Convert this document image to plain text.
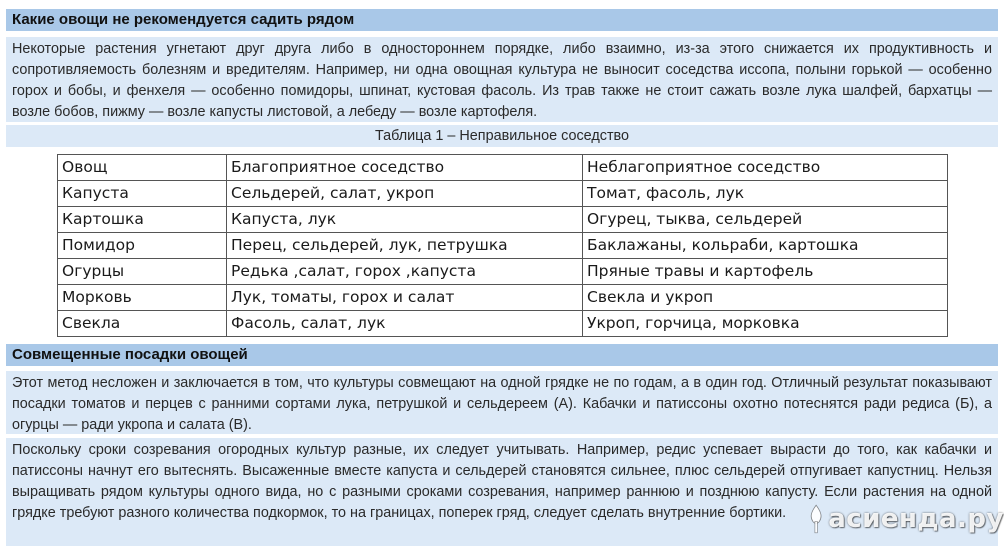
Какие овощи не рекомендуется садить рядом
Некоторые растения угнетают друг друга либо в одностороннем порядке, либо взаимно, из-за этого снижается их продуктивность и сопротивляемость болезням и вредителям. Например, ни одна овощная культура не выносит соседства иссопа, полыни горькой — особенно горох и бобы, и фенхеля — особенно помидоры, шпинат, кустовая фасоль. Из трав также не стоит сажать возле лука шалфей, бархатцы — возле бобов, пижму — возле капусты листовой, а лебеду — возле картофеля.
Таблица 1 – Неправильное соседство
Овощ	Благоприятное соседство	Неблагоприятное соседство
Капуста	Сельдерей, салат, укроп	Томат, фасоль, лук
Картошка	Капуста, лук	Огурец, тыква, сельдерей
Помидор	Перец, сельдерей, лук, петрушка	Баклажаны, кольраби, картошка
Огурцы	Редька ,салат, горох ,капуста	Пряные травы и картофель
Морковь	Лук, томаты, горох и салат	Свекла и укроп
Свекла	Фасоль, салат, лук	Укроп, горчица, морковка
Совмещенные посадки овощей
Этот метод несложен и заключается в том, что культуры совмещают на одной грядке не по годам, а в один год. Отличный результат показывают посадки томатов и перцев с ранними сортами лука, петрушкой и сельдереем (А). Кабачки и патиссоны охотно потеснятся ради редиса (Б), а огурцы — ради укропа и салата (В).
Поскольку сроки созревания огородных культур разные, их следует учитывать. Например, редис успевает вырасти до того, как кабачки и патиссоны начнут его вытеснять. Высаженные вместе капуста и сельдерей становятся сильнее, плюс сельдерей отпугивает капустниц. Нельзя выращивать рядом культуры одного вида, но с разными сроками созревания, например раннюю и позднюю капусту. Если растения на одной грядке требуют разного количества подкормок, то на границах, поперек гряд, следует сделать внутренние бортики.	асиенда.ру
